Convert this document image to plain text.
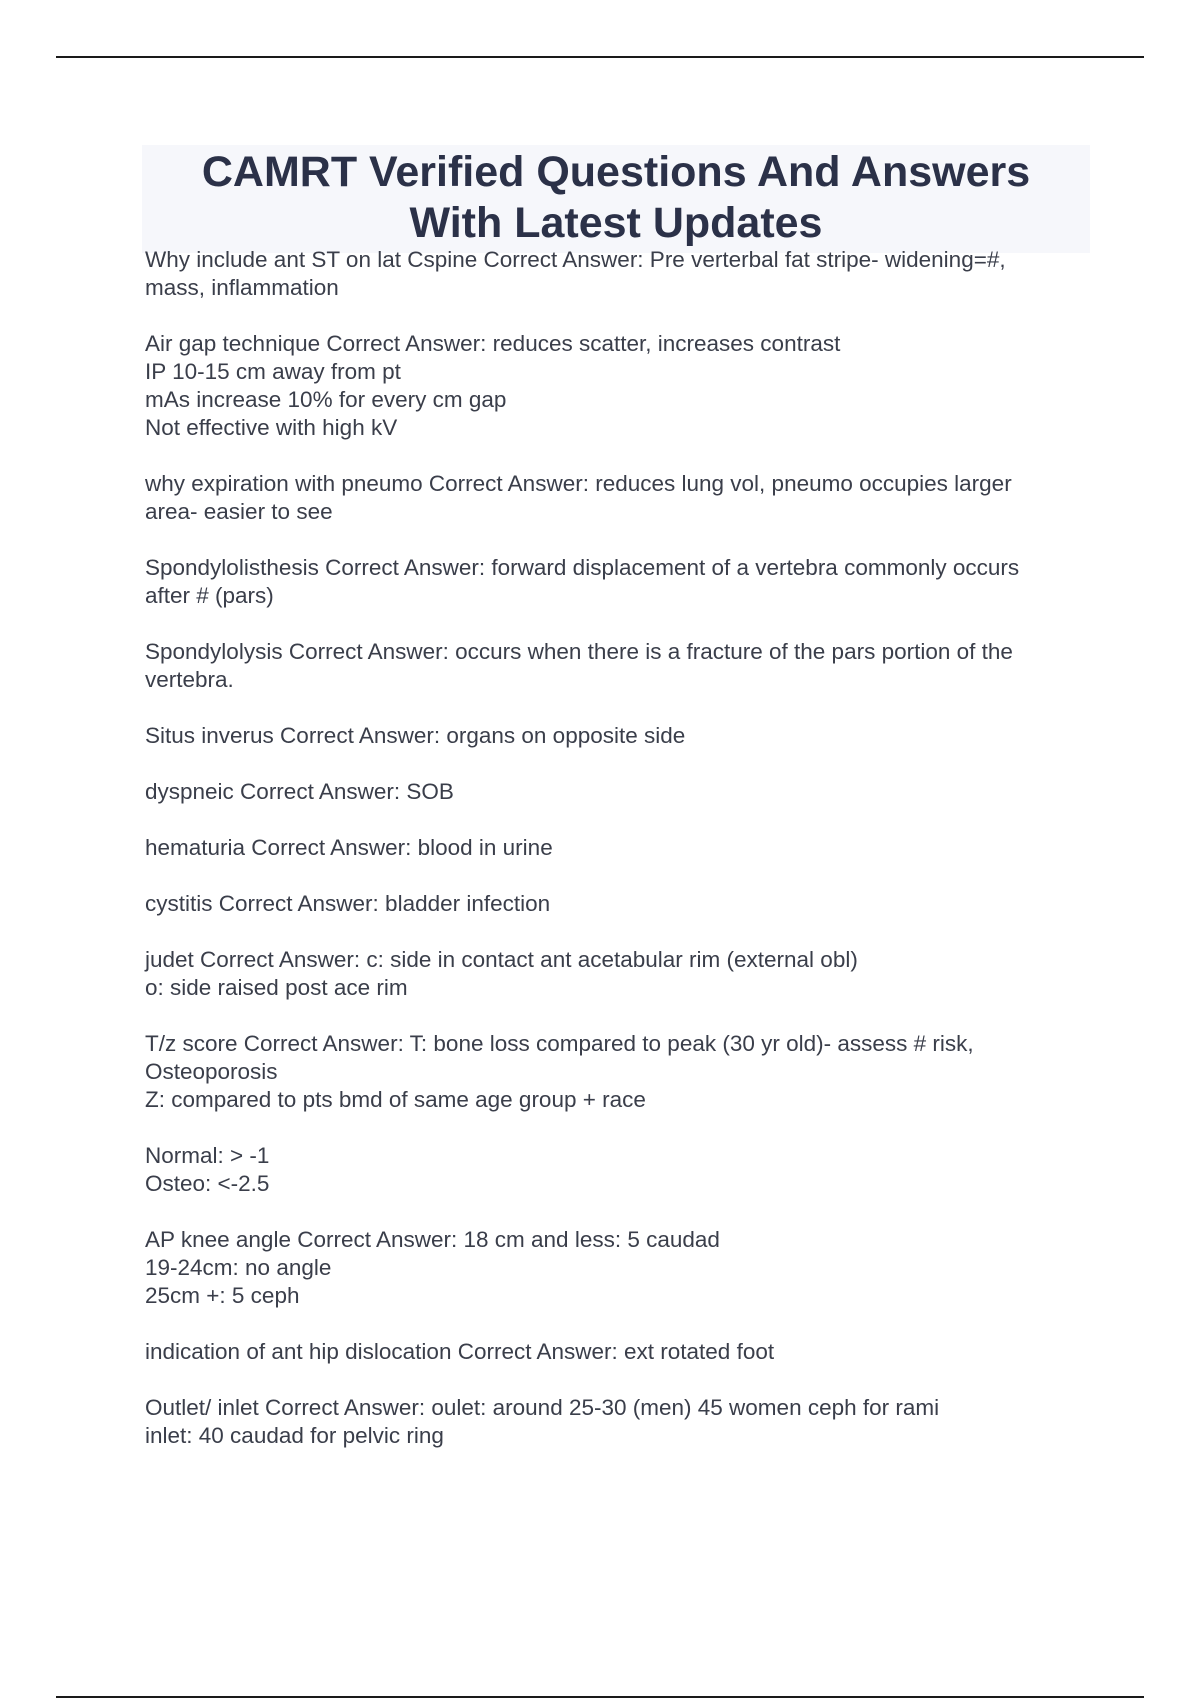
CAMRT Verified Questions And Answers
With Latest Updates
Why include ant ST on lat Cspine Correct Answer: Pre verterbal fat stripe- widening=#,
mass, inflammation
Air gap technique Correct Answer: reduces scatter, increases contrast
IP 10-15 cm away from pt
mAs increase 10% for every cm gap
Not effective with high kV
why expiration with pneumo Correct Answer: reduces lung vol, pneumo occupies larger
area- easier to see
Spondylolisthesis Correct Answer: forward displacement of a vertebra commonly occurs
after # (pars)
Spondylolysis Correct Answer: occurs when there is a fracture of the pars portion of the
vertebra.
Situs inverus Correct Answer: organs on opposite side
dyspneic Correct Answer: SOB
hematuria Correct Answer: blood in urine
cystitis Correct Answer: bladder infection
judet Correct Answer: c: side in contact ant acetabular rim (external obl)
o: side raised post ace rim
T/z score Correct Answer: T: bone loss compared to peak (30 yr old)- assess # risk,
Osteoporosis
Z: compared to pts bmd of same age group + race
Normal: > -1
Osteo: <-2.5
AP knee angle Correct Answer: 18 cm and less: 5 caudad
19-24cm: no angle
25cm +: 5 ceph
indication of ant hip dislocation Correct Answer: ext rotated foot
Outlet/ inlet Correct Answer: oulet: around 25-30 (men) 45 women ceph for rami
inlet: 40 caudad for pelvic ring
